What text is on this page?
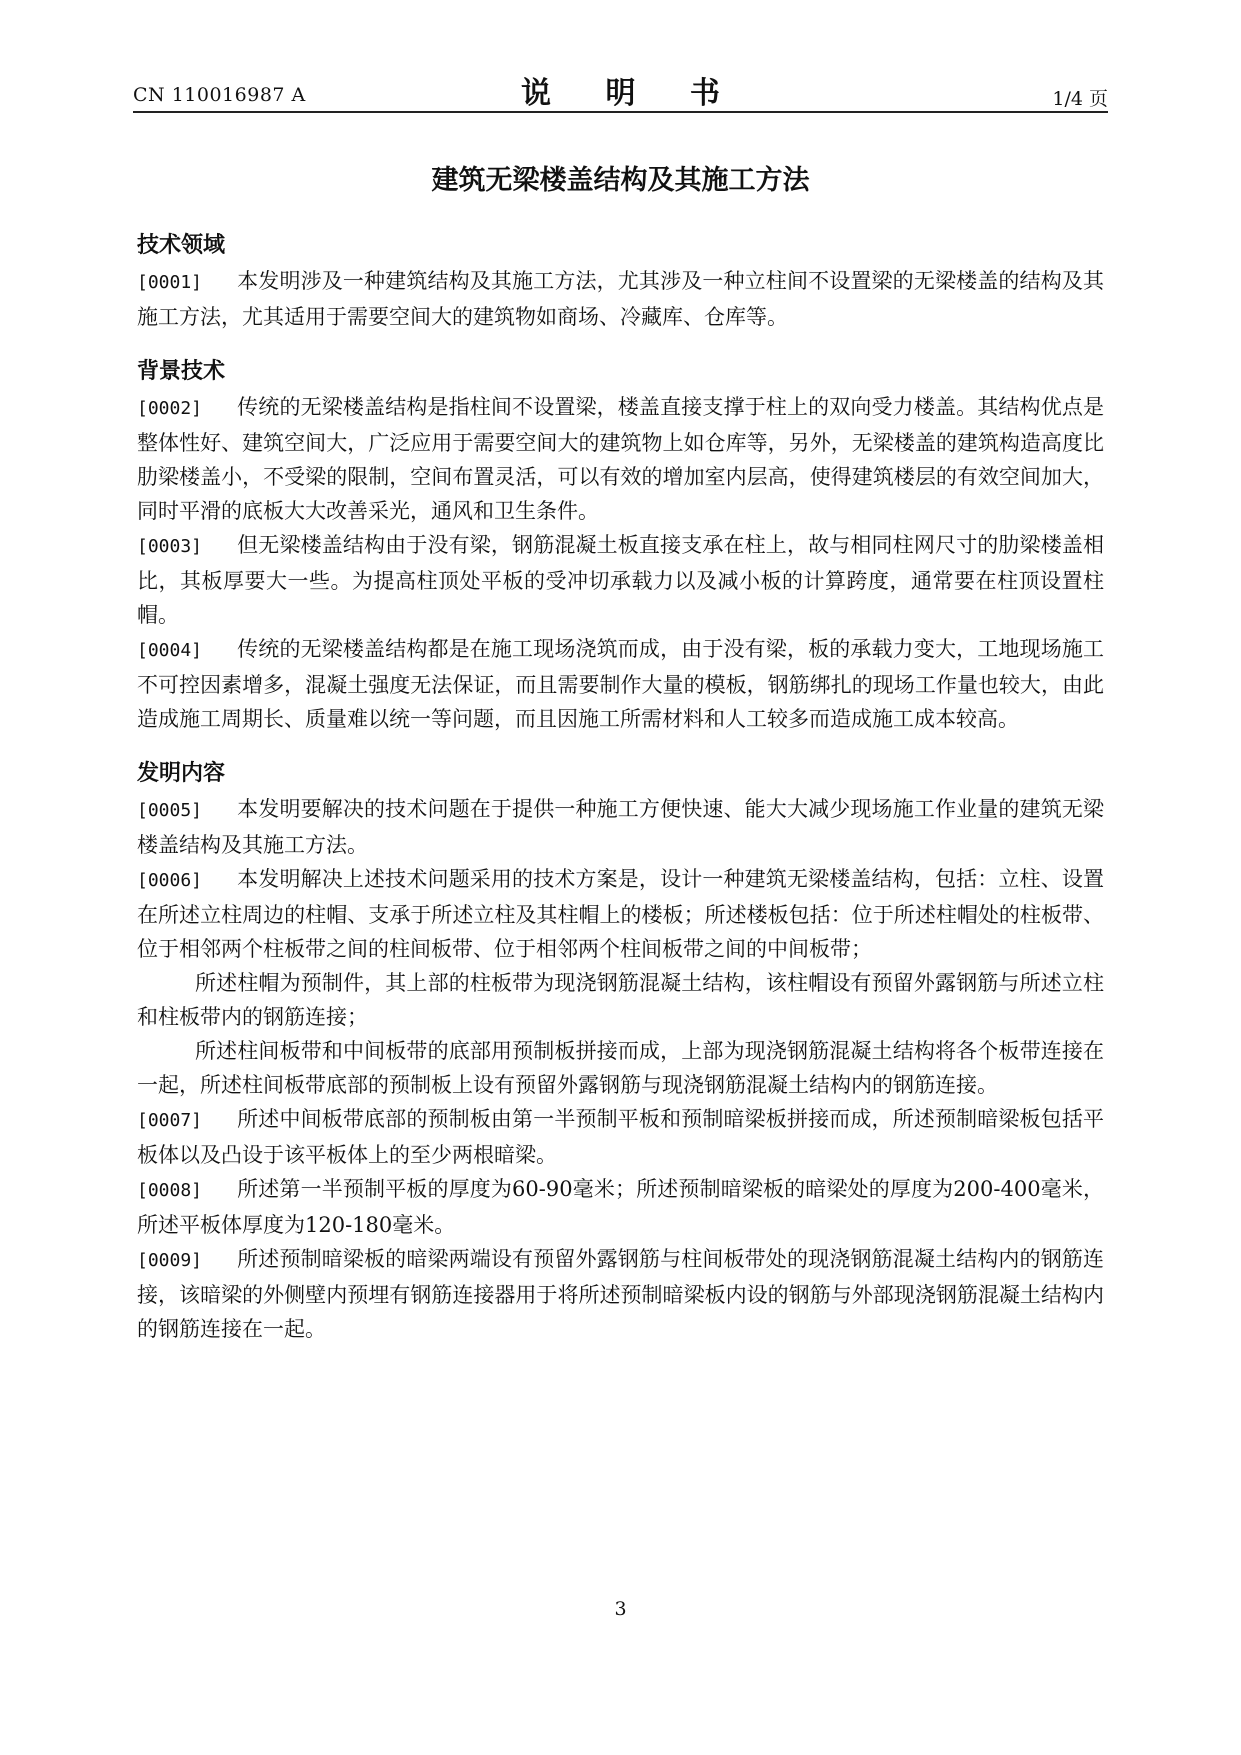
CN 110016987 A	说 明 书	1/4 页
建筑无梁楼盖结构及其施工方法
技术领域

[0001] 本发明涉及一种建筑结构及其施工方法，尤其涉及一种立柱间不设置梁的无梁楼盖的结构及其施工方法，尤其适用于需要空间大的建筑物如商场、冷藏库、仓库等。

背景技术

[0002] 传统的无梁楼盖结构是指柱间不设置梁，楼盖直接支撑于柱上的双向受力楼盖。其结构优点是整体性好、建筑空间大，广泛应用于需要空间大的建筑物上如仓库等，另外，无梁楼盖的建筑构造高度比肋梁楼盖小，不受梁的限制，空间布置灵活，可以有效的增加室内层高，使得建筑楼层的有效空间加大，同时平滑的底板大大改善采光，通风和卫生条件。

[0003] 但无梁楼盖结构由于没有梁，钢筋混凝土板直接支承在柱上，故与相同柱网尺寸的肋梁楼盖相比，其板厚要大一些。为提高柱顶处平板的受冲切承载力以及减小板的计算跨度，通常要在柱顶设置柱帽。

[0004] 传统的无梁楼盖结构都是在施工现场浇筑而成，由于没有梁，板的承载力变大，工地现场施工不可控因素增多，混凝土强度无法保证，而且需要制作大量的模板，钢筋绑扎的现场工作量也较大，由此造成施工周期长、质量难以统一等问题，而且因施工所需材料和人工较多而造成施工成本较高。

发明内容

[0005] 本发明要解决的技术问题在于提供一种施工方便快速、能大大减少现场施工作业量的建筑无梁楼盖结构及其施工方法。

[0006] 本发明解决上述技术问题采用的技术方案是，设计一种建筑无梁楼盖结构，包括：立柱、设置在所述立柱周边的柱帽、支承于所述立柱及其柱帽上的楼板；所述楼板包括：位于所述柱帽处的柱板带、位于相邻两个柱板带之间的柱间板带、位于相邻两个柱间板带之间的中间板带；

所述柱帽为预制件，其上部的柱板带为现浇钢筋混凝土结构，该柱帽设有预留外露钢筋与所述立柱和柱板带内的钢筋连接；

所述柱间板带和中间板带的底部用预制板拼接而成，上部为现浇钢筋混凝土结构将各个板带连接在一起，所述柱间板带底部的预制板上设有预留外露钢筋与现浇钢筋混凝土结构内的钢筋连接。

[0007] 所述中间板带底部的预制板由第一半预制平板和预制暗梁板拼接而成，所述预制暗梁板包括平板体以及凸设于该平板体上的至少两根暗梁。

[0008] 所述第一半预制平板的厚度为60-90毫米；所述预制暗梁板的暗梁处的厚度为200-400毫米，所述平板体厚度为120-180毫米。

[0009] 所述预制暗梁板的暗梁两端设有预留外露钢筋与柱间板带处的现浇钢筋混凝土结构内的钢筋连接，该暗梁的外侧壁内预埋有钢筋连接器用于将所述预制暗梁板内设的钢筋与外部现浇钢筋混凝土结构内的钢筋连接在一起。

3
